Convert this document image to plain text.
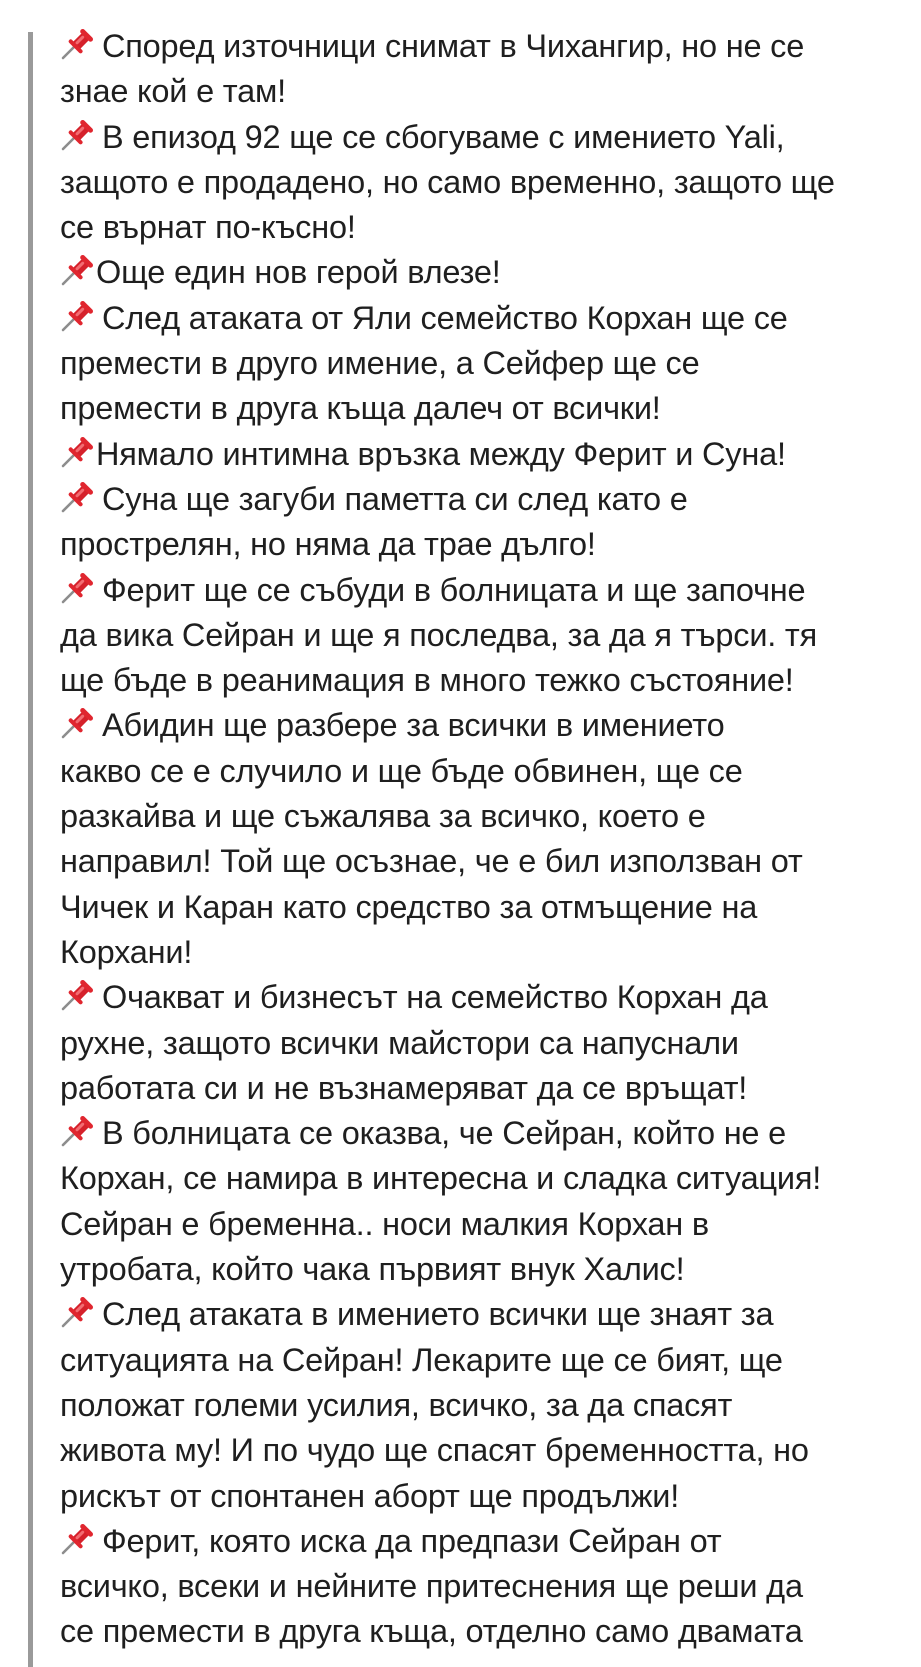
Според източници снимат в Чихангир, но не се
знае кой е там!
В епизод 92 ще се сбогуваме с имението Yali,
защото е продадено, но само временно, защото ще
се върнат по-късно!
Още един нов герой влезе!
След атаката от Яли семейство Корхан ще се
премести в друго имение, а Сейфер ще се
премести в друга къща далеч от всички!
Нямало интимна връзка между Ферит и Суна!
Суна ще загуби паметта си след като е
прострелян, но няма да трае дълго!
Ферит ще се събуди в болницата и ще започне
да вика Сейран и ще я последва, за да я търси. тя
ще бъде в реанимация в много тежко състояние!
Абидин ще разбере за всички в имението
какво се е случило и ще бъде обвинен, ще се
разкайва и ще съжалява за всичко, което е
направил! Той ще осъзнае, че е бил използван от
Чичек и Каран като средство за отмъщение на
Корхани!
Очакват и бизнесът на семейство Корхан да
рухне, защото всички майстори са напуснали
работата си и не възнамеряват да се връщат!
В болницата се оказва, че Сейран, който не е
Корхан, се намира в интересна и сладка ситуация!
Сейран е бременна.. носи малкия Корхан в
утробата, който чака първият внук Халис!
След атаката в имението всички ще знаят за
ситуацията на Сейран! Лекарите ще се бият, ще
положат големи усилия, всичко, за да спасят
живота му! И по чудо ще спасят бременността, но
рискът от спонтанен аборт ще продължи!
Ферит, която иска да предпази Сейран от
всичко, всеки и нейните притеснения ще реши да
се премести в друга къща, отделно само двамата
